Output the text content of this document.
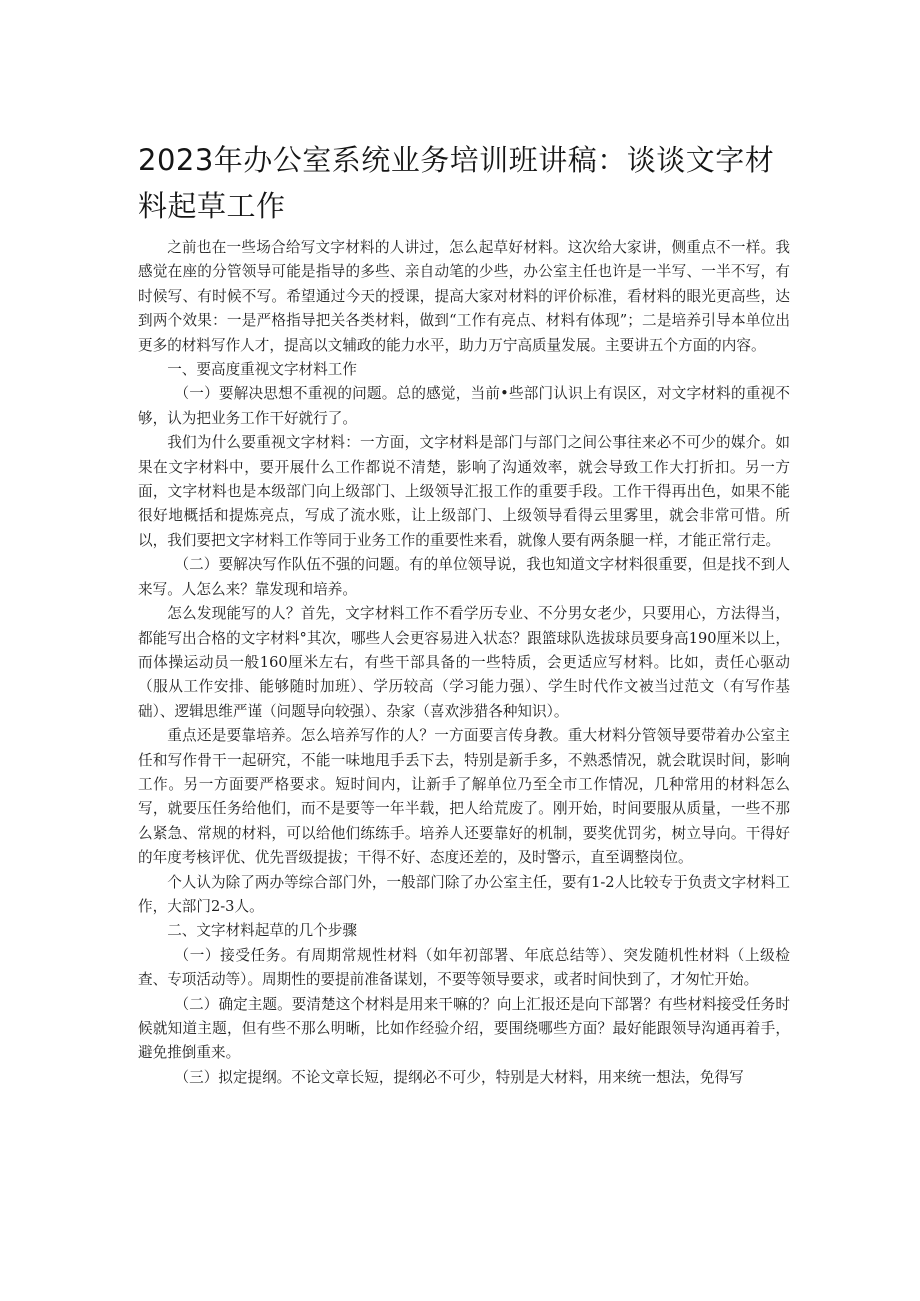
2023年办公室系统业务培训班讲稿：谈谈文字材料起草工作

之前也在一些场合给写文字材料的人讲过，怎么起草好材料。这次给大家讲，侧重点不一样。我感觉在座的分管领导可能是指导的多些、亲自动笔的少些，办公室主任也许是一半写、一半不写，有时候写、有时候不写。希望通过今天的授课，提高大家对材料的评价标准，看材料的眼光更高些，达到两个效果：一是严格指导把关各类材料，做到“工作有亮点、材料有体现”；二是培养引导本单位出更多的材料写作人才，提高以文辅政的能力水平，助力万宁高质量发展。主要讲五个方面的内容。

一、要高度重视文字材料工作

（一）要解决思想不重视的问题。总的感觉，当前•些部门认识上有误区，对文字材料的重视不够，认为把业务工作干好就行了。

我们为什么要重视文字材料：一方面，文字材料是部门与部门之间公事往来必不可少的媒介。如果在文字材料中，要开展什么工作都说不清楚，影响了沟通效率，就会导致工作大打折扣。另一方面，文字材料也是本级部门向上级部门、上级领导汇报工作的重要手段。工作干得再出色，如果不能很好地概括和提炼亮点，写成了流水账，让上级部门、上级领导看得云里雾里，就会非常可惜。所以，我们要把文字材料工作等同于业务工作的重要性来看，就像人要有两条腿一样，才能正常行走。

（二）要解决写作队伍不强的问题。有的单位领导说，我也知道文字材料很重要，但是找不到人来写。人怎么来？靠发现和培养。

怎么发现能写的人？首先，文字材料工作不看学历专业、不分男女老少，只要用心，方法得当，都能写出合格的文字材料°其次，哪些人会更容易进入状态？跟篮球队选拔球员要身高190厘米以上，而体操运动员一般160厘米左右，有些干部具备的一些特质，会更适应写材料。比如，责任心驱动（服从工作安排、能够随时加班）、学历较高（学习能力强）、学生时代作文被当过范文（有写作基础）、逻辑思维严谨（问题导向较强）、杂家（喜欢涉猎各种知识）。

重点还是要靠培养。怎么培养写作的人？一方面要言传身教。重大材料分管领导要带着办公室主任和写作骨干一起研究，不能一味地甩手丢下去，特别是新手多，不熟悉情况，就会耽误时间，影响工作。另一方面要严格要求。短时间内，让新手了解单位乃至全市工作情况，几种常用的材料怎么写，就要压任务给他们，而不是要等一年半载，把人给荒废了。刚开始，时间要服从质量，一些不那么紧急、常规的材料，可以给他们练练手。培养人还要靠好的机制，要奖优罚劣，树立导向。干得好的年度考核评优、优先晋级提拔；干得不好、态度还差的，及时警示，直至调整岗位。

个人认为除了两办等综合部门外，一般部门除了办公室主任，要有1-2人比较专于负责文字材料工作，大部门2-3人。

二、文字材料起草的几个步骤

（一）接受任务。有周期常规性材料（如年初部署、年底总结等）、突发随机性材料（上级检查、专项活动等）。周期性的要提前准备谋划，不要等领导要求，或者时间快到了，才匆忙开始。

（二）确定主题。要清楚这个材料是用来干嘛的？向上汇报还是向下部署？有些材料接受任务时候就知道主题，但有些不那么明晰，比如作经验介绍，要围绕哪些方面？最好能跟领导沟通再着手，避免推倒重来。

（三）拟定提纲。不论文章长短，提纲必不可少，特别是大材料，用来统一想法，免得写
